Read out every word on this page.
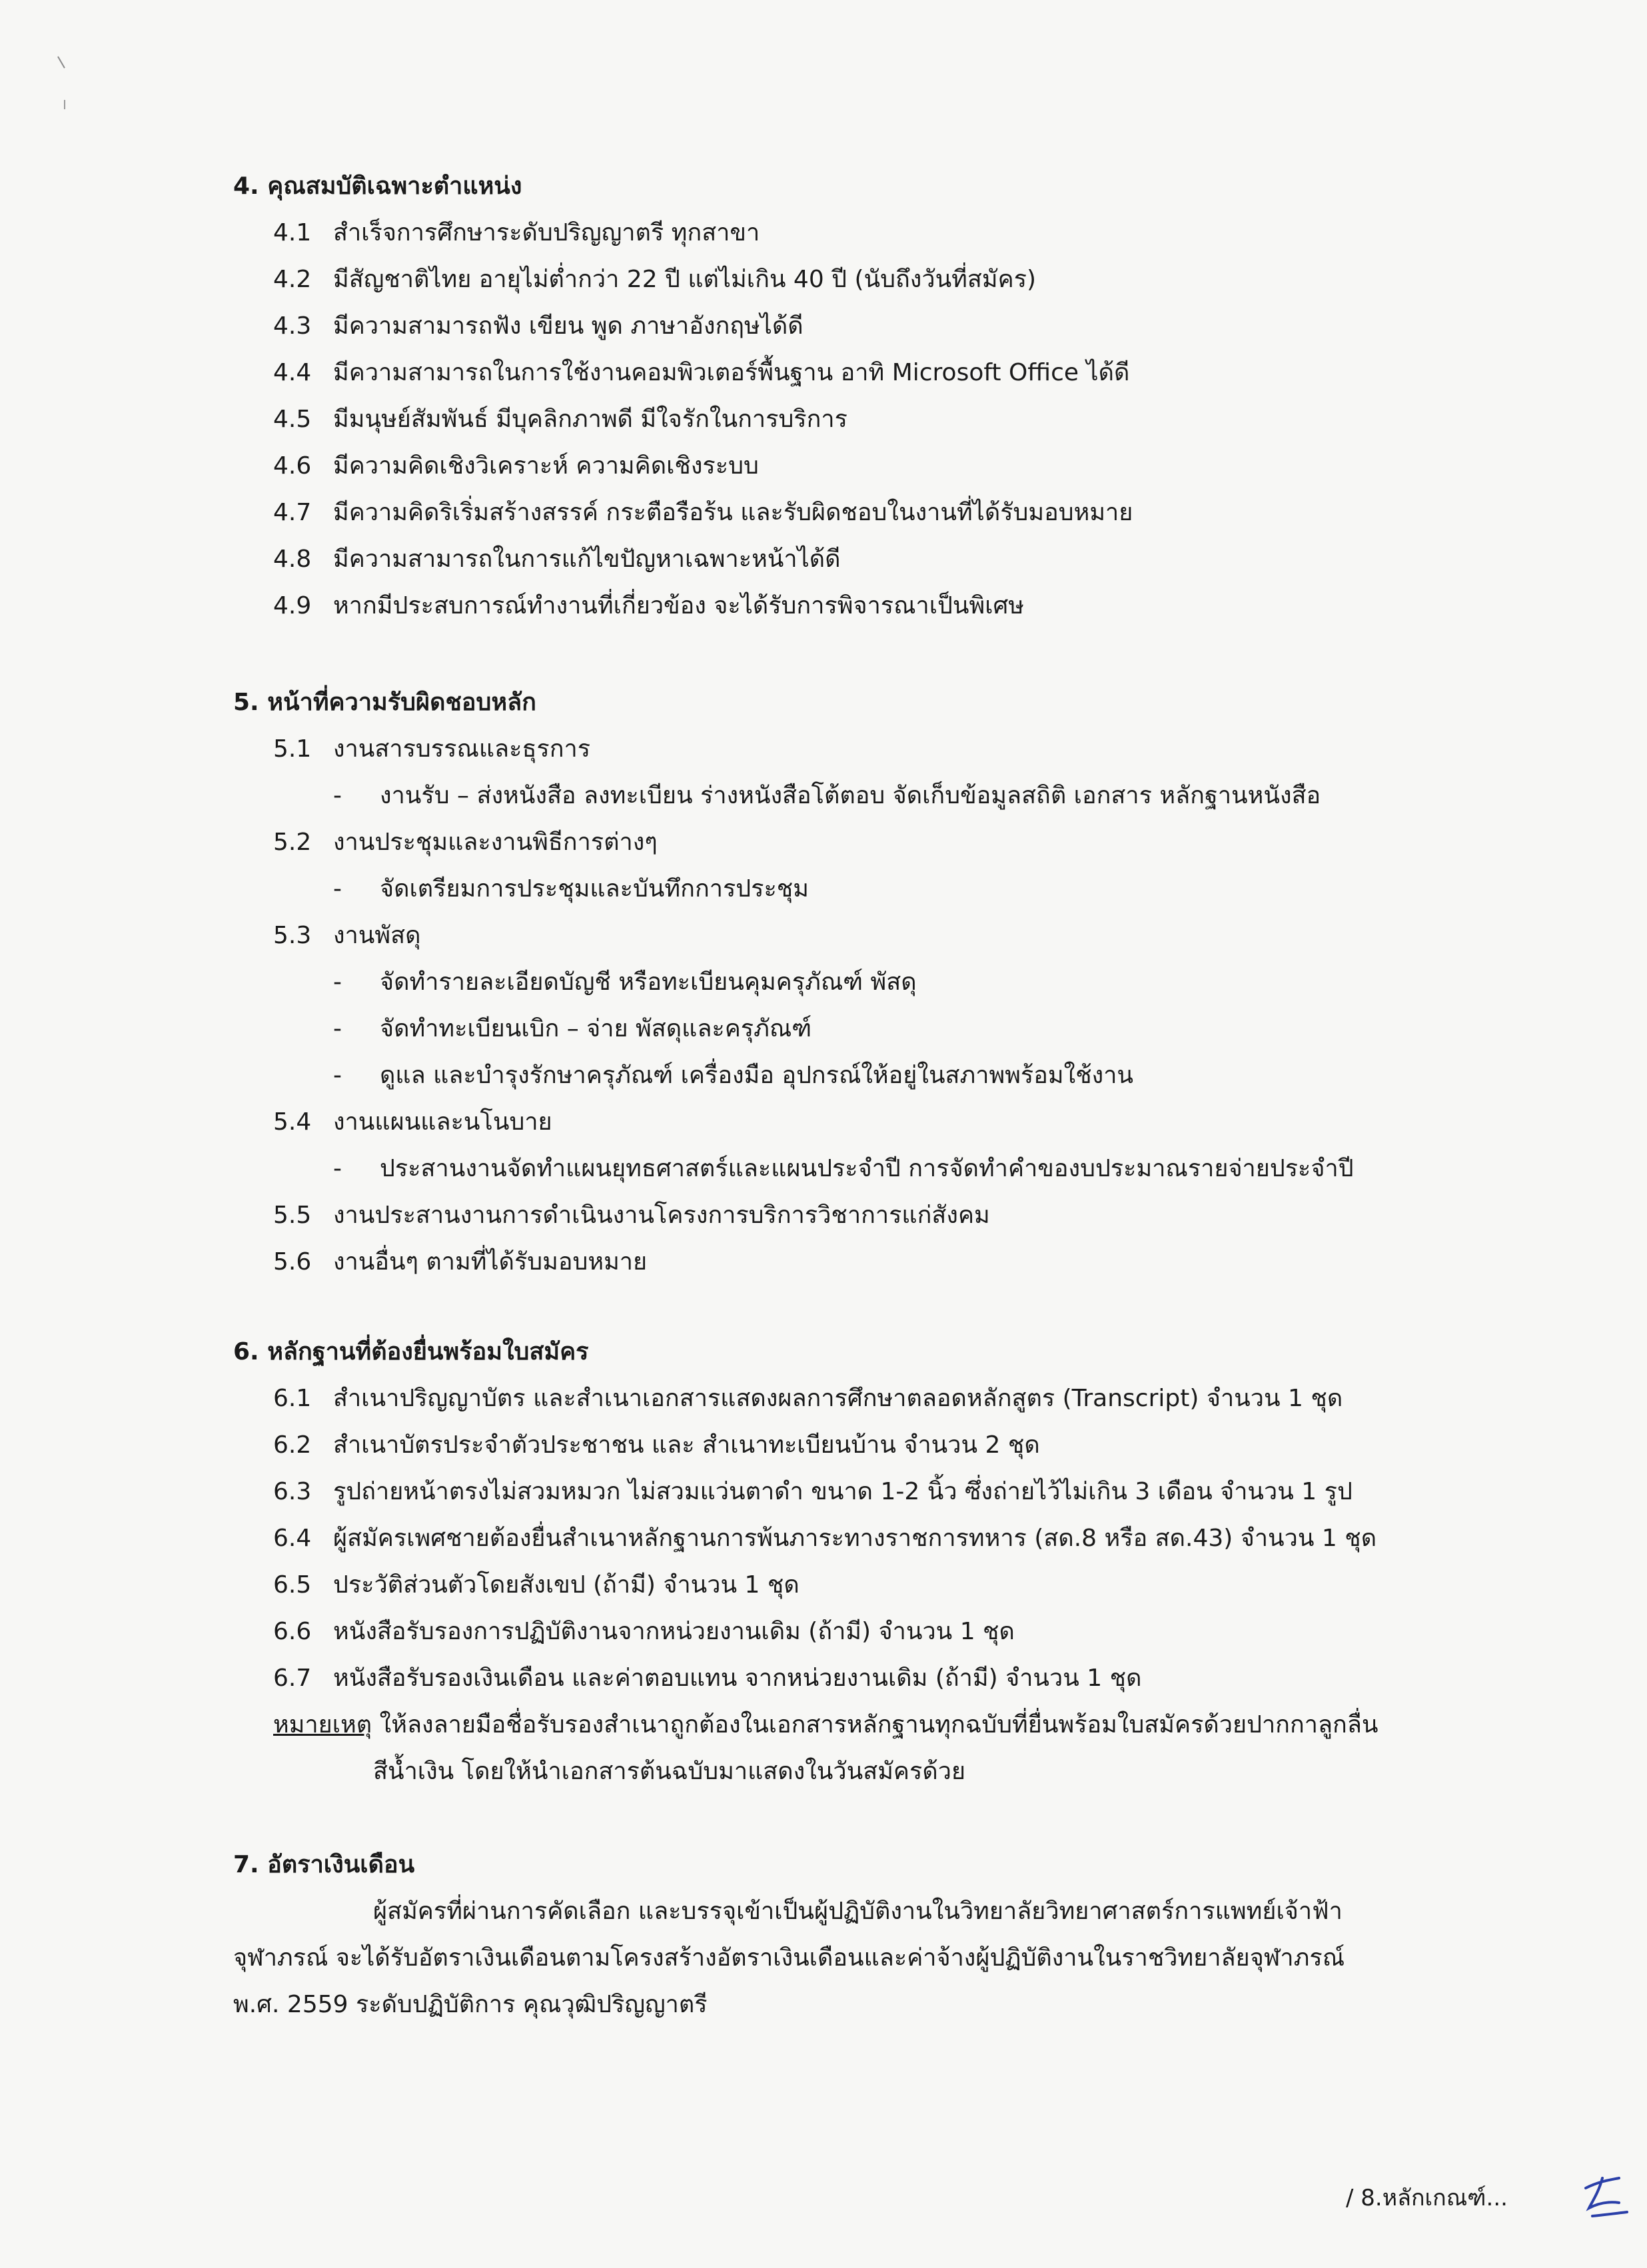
4. คุณสมบัติเฉพาะตำแหน่ง
4.1 สำเร็จการศึกษาระดับปริญญาตรี ทุกสาขา
4.2 มีสัญชาติไทย อายุไม่ต่ำกว่า 22 ปี แต่ไม่เกิน 40 ปี (นับถึงวันที่สมัคร)
4.3 มีความสามารถฟัง เขียน พูด ภาษาอังกฤษได้ดี
4.4 มีความสามารถในการใช้งานคอมพิวเตอร์พื้นฐาน อาทิ Microsoft Office ได้ดี
4.5 มีมนุษย์สัมพันธ์ มีบุคลิกภาพดี มีใจรักในการบริการ
4.6 มีความคิดเชิงวิเคราะห์ ความคิดเชิงระบบ
4.7 มีความคิดริเริ่มสร้างสรรค์ กระตือรือร้น และรับผิดชอบในงานที่ได้รับมอบหมาย
4.8 มีความสามารถในการแก้ไขปัญหาเฉพาะหน้าได้ดี
4.9 หากมีประสบการณ์ทำงานที่เกี่ยวข้อง จะได้รับการพิจารณาเป็นพิเศษ
5. หน้าที่ความรับผิดชอบหลัก
5.1 งานสารบรรณและธุรการ
- งานรับ – ส่งหนังสือ ลงทะเบียน ร่างหนังสือโต้ตอบ จัดเก็บข้อมูลสถิติ เอกสาร หลักฐานหนังสือ
5.2 งานประชุมและงานพิธีการต่างๆ
- จัดเตรียมการประชุมและบันทึกการประชุม
5.3 งานพัสดุ
- จัดทำรายละเอียดบัญชี หรือทะเบียนคุมครุภัณฑ์ พัสดุ
- จัดทำทะเบียนเบิก – จ่าย พัสดุและครุภัณฑ์
- ดูแล และบำรุงรักษาครุภัณฑ์ เครื่องมือ อุปกรณ์ให้อยู่ในสภาพพร้อมใช้งาน
5.4 งานแผนและนโนบาย
- ประสานงานจัดทำแผนยุทธศาสตร์และแผนประจำปี การจัดทำคำของบประมาณรายจ่ายประจำปี
5.5 งานประสานงานการดำเนินงานโครงการบริการวิชาการแก่สังคม
5.6 งานอื่นๆ ตามที่ได้รับมอบหมาย
6. หลักฐานที่ต้องยื่นพร้อมใบสมัคร
6.1 สำเนาปริญญาบัตร และสำเนาเอกสารแสดงผลการศึกษาตลอดหลักสูตร (Transcript) จำนวน 1 ชุด
6.2 สำเนาบัตรประจำตัวประชาชน และ สำเนาทะเบียนบ้าน จำนวน 2 ชุด
6.3 รูปถ่ายหน้าตรงไม่สวมหมวก ไม่สวมแว่นตาดำ ขนาด 1-2 นิ้ว ซึ่งถ่ายไว้ไม่เกิน 3 เดือน จำนวน 1 รูป
6.4 ผู้สมัครเพศชายต้องยื่นสำเนาหลักฐานการพ้นภาระทางราชการทหาร (สด.8 หรือ สด.43) จำนวน 1 ชุด
6.5 ประวัติส่วนตัวโดยสังเขป (ถ้ามี) จำนวน 1 ชุด
6.6 หนังสือรับรองการปฏิบัติงานจากหน่วยงานเดิม (ถ้ามี) จำนวน 1 ชุด
6.7 หนังสือรับรองเงินเดือน และค่าตอบแทน จากหน่วยงานเดิม (ถ้ามี) จำนวน 1 ชุด
หมายเหตุ ให้ลงลายมือชื่อรับรองสำเนาถูกต้องในเอกสารหลักฐานทุกฉบับที่ยื่นพร้อมใบสมัครด้วยปากกาลูกลื่น
สีน้ำเงิน โดยให้นำเอกสารต้นฉบับมาแสดงในวันสมัครด้วย
7. อัตราเงินเดือน
ผู้สมัครที่ผ่านการคัดเลือก และบรรจุเข้าเป็นผู้ปฏิบัติงานในวิทยาลัยวิทยาศาสตร์การแพทย์เจ้าฟ้า
จุฬาภรณ์ จะได้รับอัตราเงินเดือนตามโครงสร้างอัตราเงินเดือนและค่าจ้างผู้ปฏิบัติงานในราชวิทยาลัยจุฬาภรณ์
พ.ศ. 2559 ระดับปฏิบัติการ คุณวุฒิปริญญาตรี
/ 8.หลักเกณฑ์...
